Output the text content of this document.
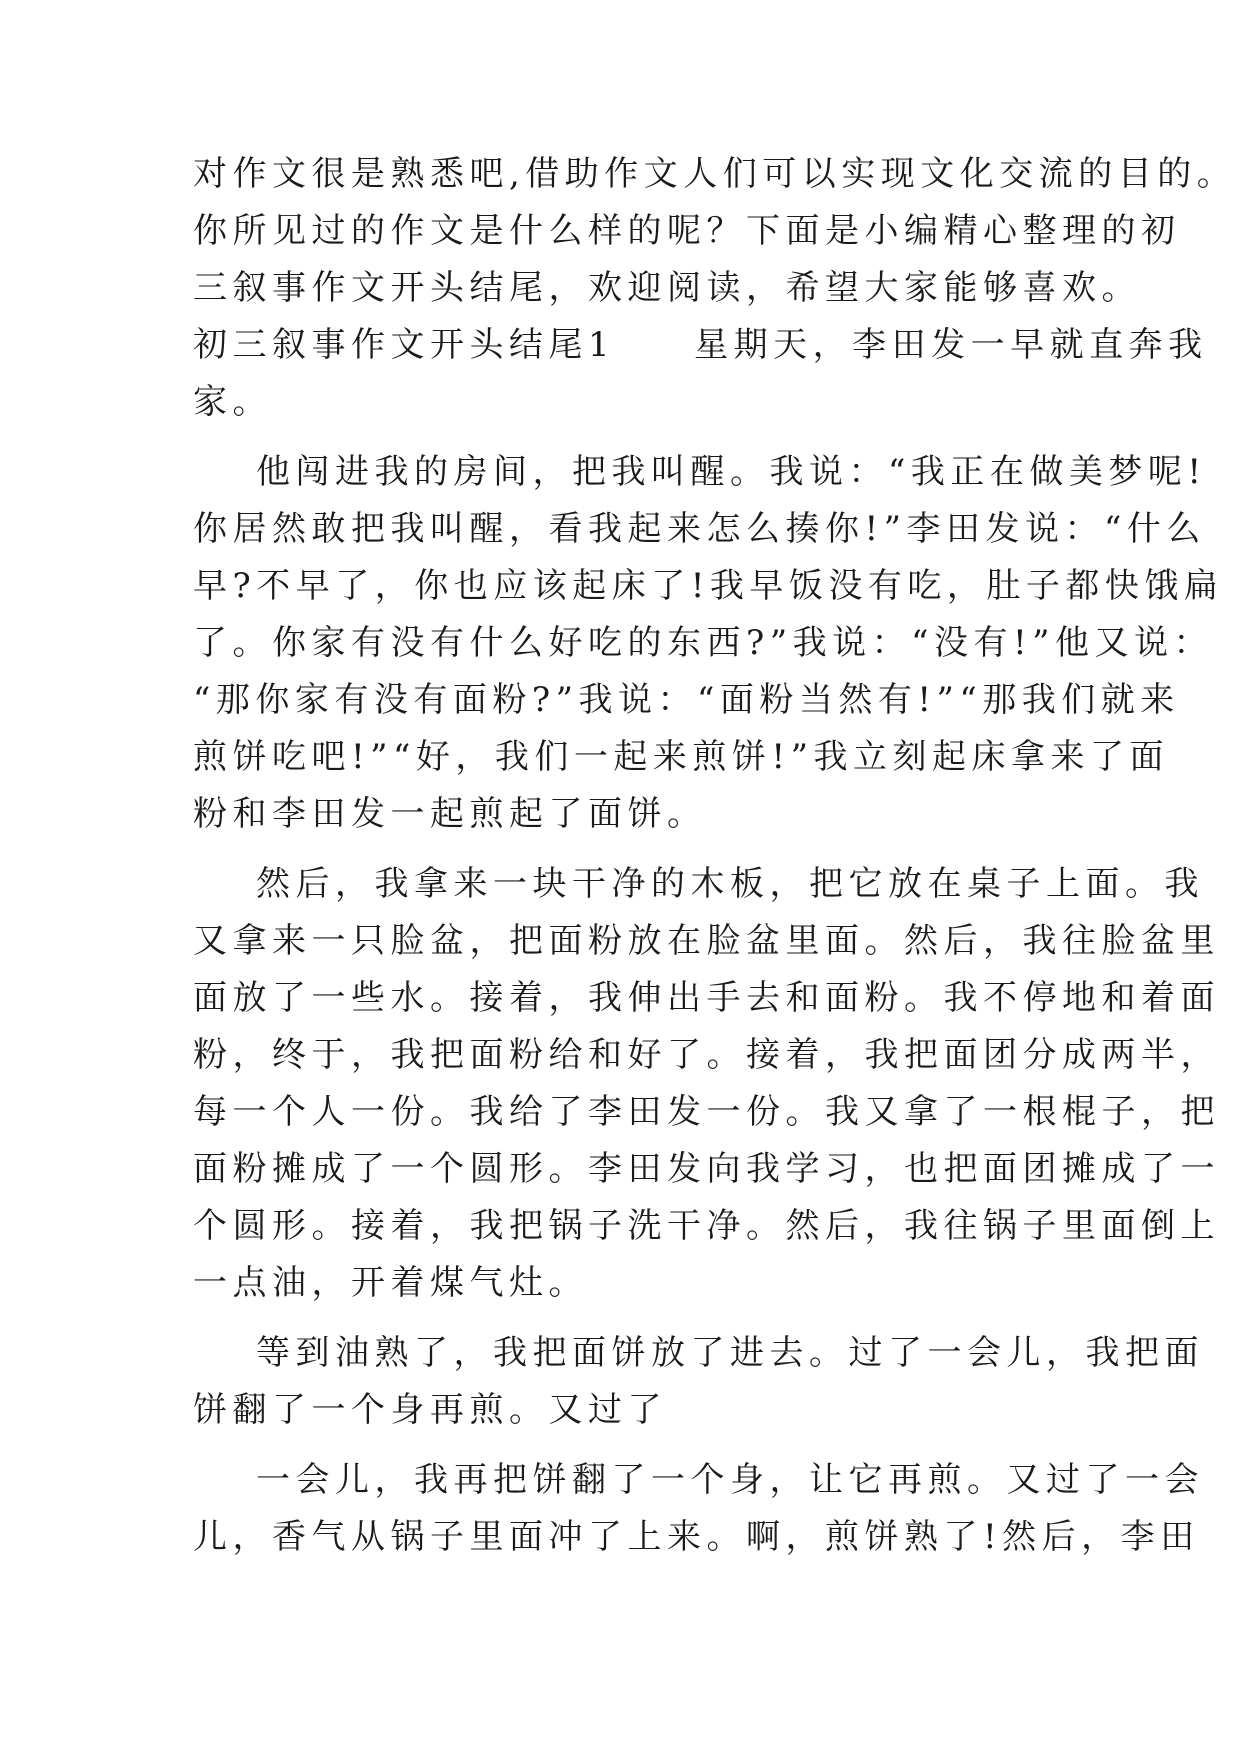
对作文很是熟悉吧,借助作文人们可以实现文化交流的目的。
你所见过的作文是什么样的呢？下面是小编精心整理的初
三叙事作文开头结尾，欢迎阅读，希望大家能够喜欢。
初三叙事作文开头结尾1　　星期天，李田发一早就直奔我
家。
他闯进我的房间，把我叫醒。我说：“我正在做美梦呢!
你居然敢把我叫醒，看我起来怎么揍你!”李田发说：“什么
早?不早了，你也应该起床了!我早饭没有吃，肚子都快饿扁
了。你家有没有什么好吃的东西?”我说：“没有!”他又说：
“那你家有没有面粉?”我说：“面粉当然有!”“那我们就来
煎饼吃吧!”“好，我们一起来煎饼!”我立刻起床拿来了面
粉和李田发一起煎起了面饼。
然后，我拿来一块干净的木板，把它放在桌子上面。我
又拿来一只脸盆，把面粉放在脸盆里面。然后，我往脸盆里
面放了一些水。接着，我伸出手去和面粉。我不停地和着面
粉，终于，我把面粉给和好了。接着，我把面团分成两半，
每一个人一份。我给了李田发一份。我又拿了一根棍子，把
面粉摊成了一个圆形。李田发向我学习，也把面团摊成了一
个圆形。接着，我把锅子洗干净。然后，我往锅子里面倒上
一点油，开着煤气灶。
等到油熟了，我把面饼放了进去。过了一会儿，我把面
饼翻了一个身再煎。又过了
一会儿，我再把饼翻了一个身，让它再煎。又过了一会
儿，香气从锅子里面冲了上来。啊，煎饼熟了!然后，李田
